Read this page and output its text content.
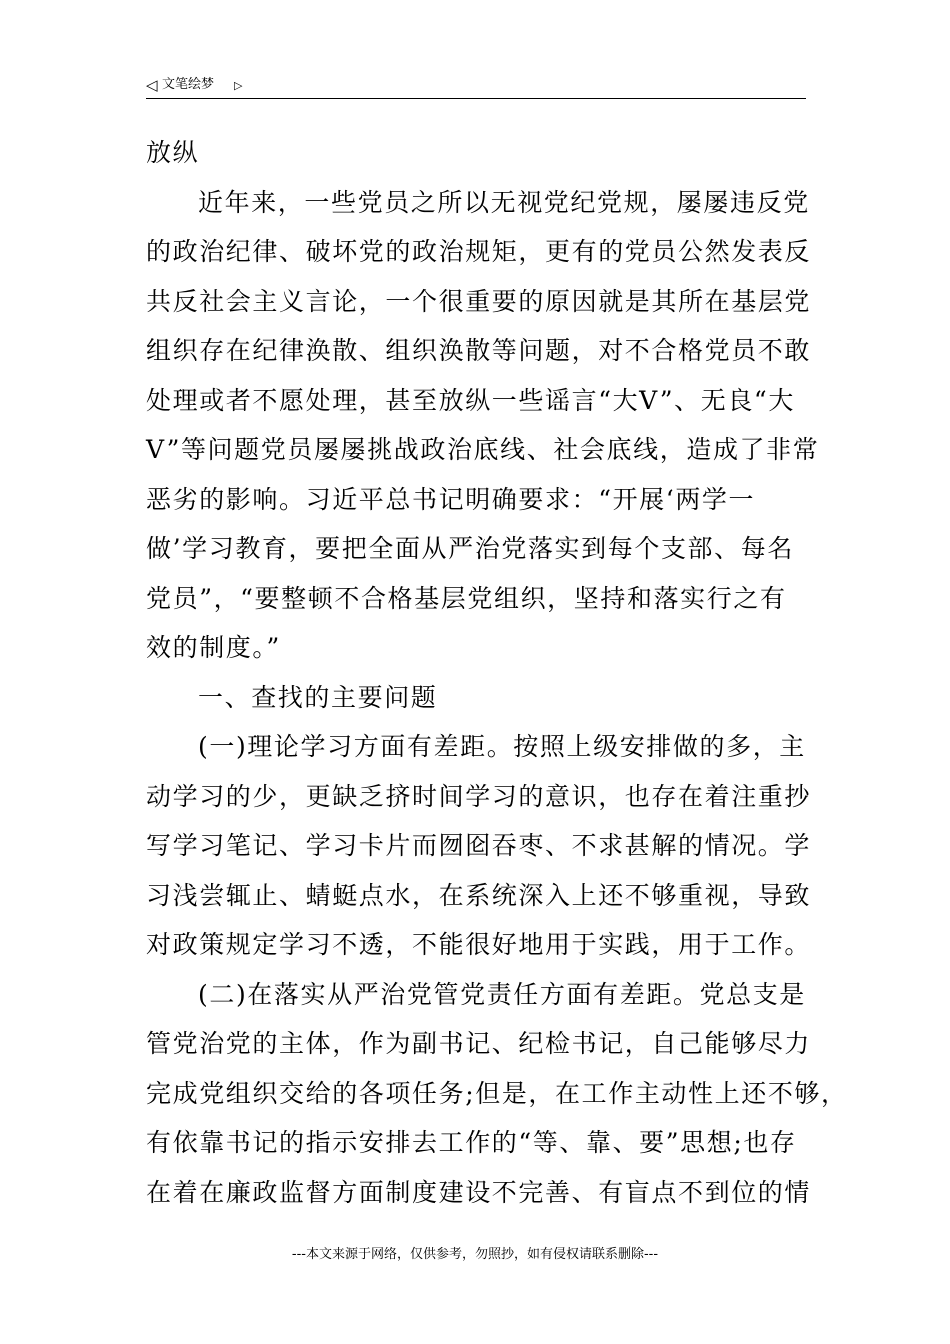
◁ 文笔绘梦 ▷
放纵
近年来，一些党员之所以无视党纪党规，屡屡违反党
的政治纪律、破坏党的政治规矩，更有的党员公然发表反
共反社会主义言论，一个很重要的原因就是其所在基层党
组织存在纪律涣散、组织涣散等问题，对不合格党员不敢
处理或者不愿处理，甚至放纵一些谣言“大V”、无良“大
V”等问题党员屡屡挑战政治底线、社会底线，造成了非常
恶劣的影响。习近平总书记明确要求：“开展‘两学一
做’学习教育，要把全面从严治党落实到每个支部、每名
党员”，“要整顿不合格基层党组织，坚持和落实行之有
效的制度。”
一、查找的主要问题
(一)理论学习方面有差距。按照上级安排做的多，主
动学习的少，更缺乏挤时间学习的意识，也存在着注重抄
写学习笔记、学习卡片而囫囵吞枣、不求甚解的情况。学
习浅尝辄止、蜻蜓点水，在系统深入上还不够重视，导致
对政策规定学习不透，不能很好地用于实践，用于工作。
(二)在落实从严治党管党责任方面有差距。党总支是
管党治党的主体，作为副书记、纪检书记，自己能够尽力
完成党组织交给的各项任务;但是，在工作主动性上还不够，
有依靠书记的指示安排去工作的“等、靠、要”思想;也存
在着在廉政监督方面制度建设不完善、有盲点不到位的情
---本文来源于网络，仅供参考，勿照抄，如有侵权请联系删除---
